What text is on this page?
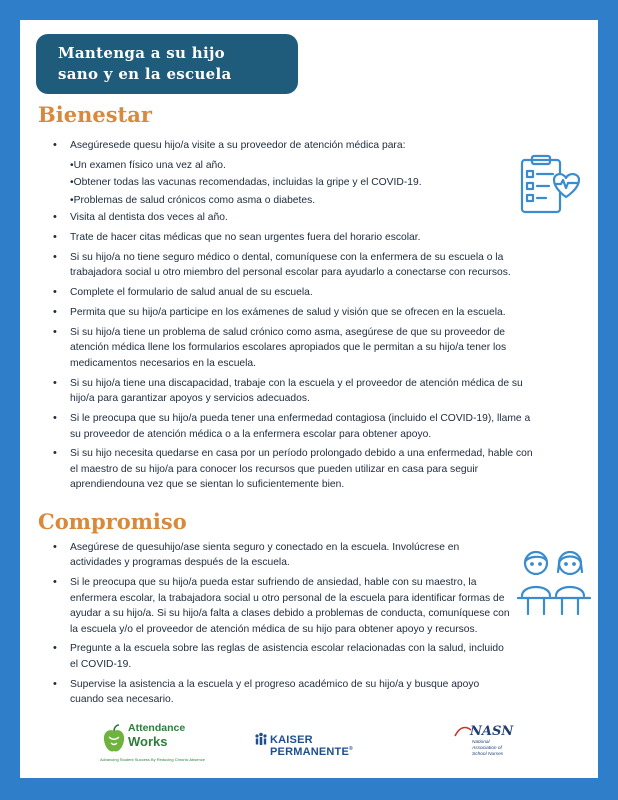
Mantenga a su hijo
sano y en la escuela
Bienestar
• Asegúresede quesu hijo/a visite a su proveedor de atención médica para:
•Un examen físico una vez al año.
•Obtener todas las vacunas recomendadas, incluidas la gripe y el COVID-19.
•Problemas de salud crónicos como asma o diabetes.
• Visita al dentista dos veces al año.
• Trate de hacer citas médicas que no sean urgentes fuera del horario escolar.
• Si su hijo/a no tiene seguro médico o dental, comuníquese con la enfermera de su escuela o la trabajadora social u otro miembro del personal escolar para ayudarlo a conectarse con recursos.
• Complete el formulario de salud anual de su escuela.
• Permita que su hijo/a participe en los exámenes de salud y visión que se ofrecen en la escuela.
• Si su hijo/a tiene un problema de salud crónico como asma, asegúrese de que su proveedor de atención médica llene los formularios escolares apropiados que le permitan a su hijo/a tener los medicamentos necesarios en la escuela.
• Si su hijo/a tiene una discapacidad, trabaje con la escuela y el proveedor de atención médica de su hijo/a para garantizar apoyos y servicios adecuados.
• Si le preocupa que su hijo/a pueda tener una enfermedad contagiosa (incluido el COVID-19), llame a su proveedor de atención médica o a la enfermera escolar para obtener apoyo.
• Si su hijo necesita quedarse en casa por un período prolongado debido a una enfermedad, hable con el maestro de su hijo/a para conocer los recursos que pueden utilizar en casa para seguir aprendiendouna vez que se sientan lo suficientemente bien.
Compromiso
• Asegúrese de quesuhijo/ase sienta seguro y conectado en la escuela. Involúcrese en actividades y programas después de la escuela.
• Si le preocupa que su hijo/a pueda estar sufriendo de ansiedad, hable con su maestro, la enfermera escolar, la trabajadora social u otro personal de la escuela para identificar formas de ayudar a su hijo/a. Si su hijo/a falta a clases debido a problemas de conducta, comuníquese con la escuela y/o el proveedor de atención médica de su hijo para obtener apoyo y recursos.
• Pregunte a la escuela sobre las reglas de asistencia escolar relacionadas con la salud, incluido el COVID-19.
• Supervise la asistencia a la escuela y el progreso académico de su hijo/a y busque apoyo cuando sea necesario.
Attendance
Works
Advancing Student Success By Reducing Chronic Absence
KAISER PERMANENTE®
NASN
National
Association of
School Nurses
